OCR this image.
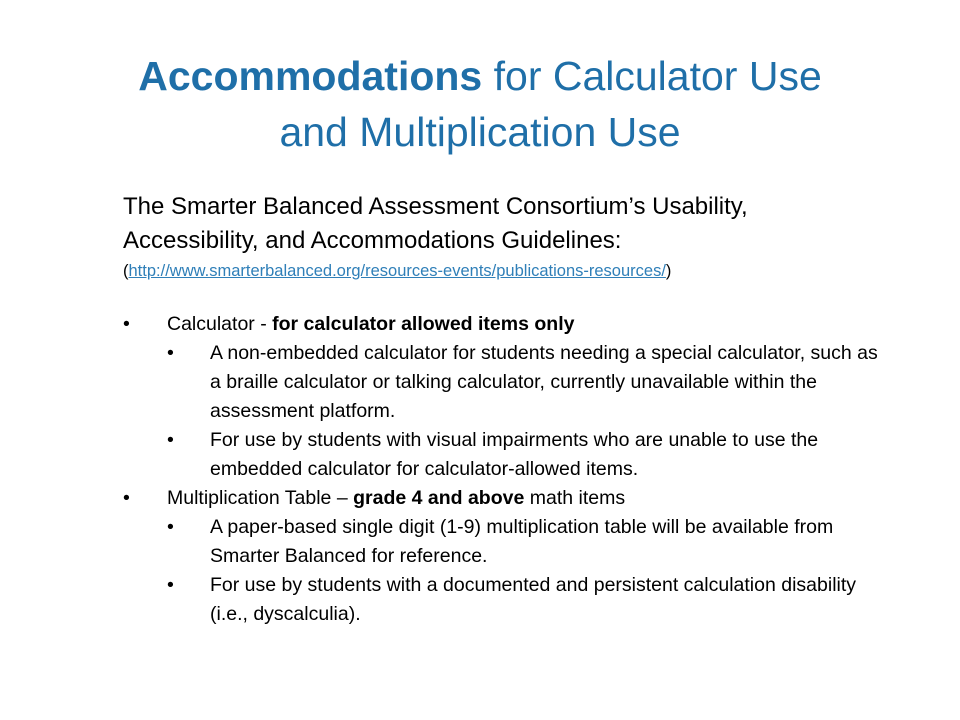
Accommodations for Calculator Use
and Multiplication Use
The Smarter Balanced Assessment Consortium’s Usability,
Accessibility, and Accommodations Guidelines:
(http://www.smarterbalanced.org/resources-events/publications-resources/)
• Calculator - for calculator allowed items only
• A non-embedded calculator for students needing a special calculator, such as a braille calculator or talking calculator, currently unavailable within the assessment platform.
• For use by students with visual impairments who are unable to use the embedded calculator for calculator-allowed items.
• Multiplication Table – grade 4 and above math items
• A paper-based single digit (1-9) multiplication table will be available from Smarter Balanced for reference.
• For use by students with a documented and persistent calculation disability (i.e., dyscalculia).
